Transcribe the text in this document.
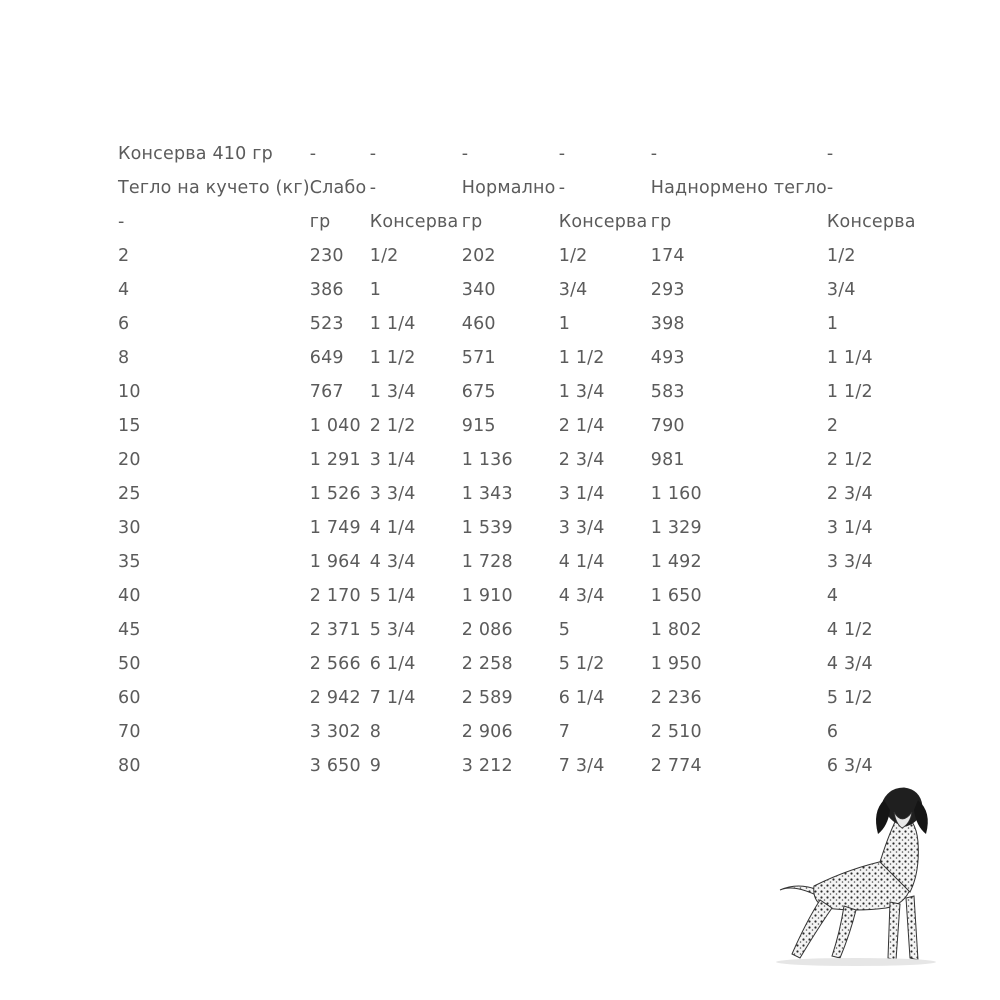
Консерва 410 гр	-	-	-	-	-	-
Тегло на кучето (кг)	Слабо	-	Нормално	-	Наднормено тегло	-
-	гр	Консерва	гр	Консерва	гр	Консерва
2	230	1/2	202	1/2	174	1/2
4	386	1	340	3/4	293	3/4
6	523	1 1/4	460	1	398	1
8	649	1 1/2	571	1 1/2	493	1 1/4
10	767	1 3/4	675	1 3/4	583	1 1/2
15	1 040	2 1/2	915	2 1/4	790	2
20	1 291	3 1/4	1 136	2 3/4	981	2 1/2
25	1 526	3 3/4	1 343	3 1/4	1 160	2 3/4
30	1 749	4 1/4	1 539	3 3/4	1 329	3 1/4
35	1 964	4 3/4	1 728	4 1/4	1 492	3 3/4
40	2 170	5 1/4	1 910	4 3/4	1 650	4
45	2 371	5 3/4	2 086	5	1 802	4 1/2
50	2 566	6 1/4	2 258	5 1/2	1 950	4 3/4
60	2 942	7 1/4	2 589	6 1/4	2 236	5 1/2
70	3 302	8	2 906	7	2 510	6
80	3 650	9	3 212	7 3/4	2 774	6 3/4
